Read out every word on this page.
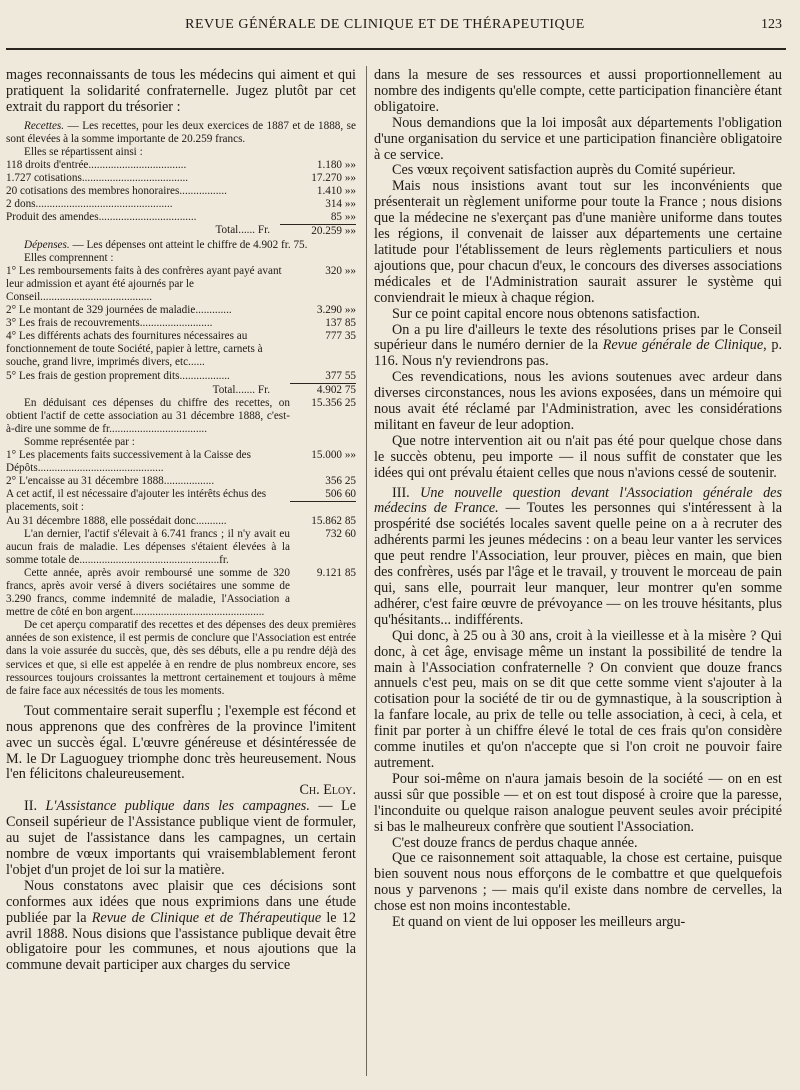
REVUE GÉNÉRALE DE CLINIQUE ET DE THÉRAPEUTIQUE	123

mages reconnaissants de tous les médecins qui aiment et qui pratiquent la solidarité confraternelle. Jugez plutôt par cet extrait du rapport du trésorier :

Recettes. — Les recettes, pour les deux exercices de 1887 et de 1888, se sont élevées à la somme importante de 20.259 francs.

Elles se répartissent ainsi :

118 droits d'entrée...................................	1.180 »»
1.727 cotisations......................................	17.270 »»
20 cotisations des membres honoraires.................	1.410 »»
2 dons.................................................	314 »»
Produit des amendes...................................	85 »»
Total...... Fr.	20.259 »»

Dépenses. — Les dépenses ont atteint le chiffre de 4.902 fr. 75.

Elles comprennent :

1° Les remboursements faits à des confrères ayant payé avant leur admission et ayant été ajournés par le Conseil........................................
320 »»
2° Le montant de 329 journées de maladie.............	3.290 »»
3° Les frais de recouvrements..........................	137 85
4° Les différents achats des fournitures nécessaires au fonctionnement de toute Société, papier à lettre, carnets à souche, grand livre, imprimés divers, etc......
777 35
5° Les frais de gestion proprement dits..................	377 55
Total....... Fr.	4.902 75
En déduisant ces dépenses du chiffre des recettes, on obtient l'actif de cette association au 31 décembre 1888, c'est-à-dire une somme de fr...................................
15.356 25

Somme représentée par :

1° Les placements faits successivement à la Caisse des Dépôts.............................................
15.000 »»
2° L'encaisse au 31 décembre 1888..................	356 25
A cet actif, il est nécessaire d'ajouter les intérêts échus des placements, soit :
506 60
Au 31 décembre 1888, elle possédait donc...........	15.862 85
L'an dernier, l'actif s'élevait à 6.741 francs ; il n'y avait eu aucun frais de maladie. Les dépenses s'étaient élevées à la somme totale de..................................................fr.
732 60
Cette année, après avoir remboursé une somme de 320 francs, après avoir versé à divers sociétaires une somme de 3.290 francs, comme indemnité de maladie, l'Association a mettre de côté en bon argent...............................................
9.121 85

De cet aperçu comparatif des recettes et des dépenses des deux premières années de son existence, il est permis de conclure que l'Association est entrée dans la voie assurée du succès, que, dès ses débuts, elle a pu rendre déjà des services et que, si elle est appelée à en rendre de plus nombreux encore, ses ressources toujours croissantes la mettront certainement et toujours à même de faire face aux nécessités de tous les moments.

Tout commentaire serait superflu ; l'exemple est fécond et nous apprenons que des confrères de la province l'imitent avec un succès égal. L'œuvre généreuse et désintéressée de M. le Dr Laguoguey triomphe donc très heureusement. Nous l'en félicitons chaleureusement.

Ch. Eloy.

II. L'Assistance publique dans les campagnes. — Le Conseil supérieur de l'Assistance publique vient de formuler, au sujet de l'assistance dans les campagnes, un certain nombre de vœux importants qui vraisemblablement feront l'objet d'un projet de loi sur la matière.

Nous constatons avec plaisir que ces décisions sont conformes aux idées que nous exprimions dans une étude publiée par la Revue de Clinique et de Thérapeutique le 12 avril 1888. Nous disions que l'assistance publique devait être obligatoire pour les communes, et nous ajoutions que la commune devait participer aux charges du service

dans la mesure de ses ressources et aussi proportionnellement au nombre des indigents qu'elle compte, cette participation financière étant obligatoire.

Nous demandions que la loi imposât aux départements l'obligation d'une organisation du service et une participation financière obligatoire à ce service.

Ces vœux reçoivent satisfaction auprès du Comité supérieur.

Mais nous insistions avant tout sur les inconvénients que présenterait un règlement uniforme pour toute la France ; nous disions que la médecine ne s'exerçant pas d'une manière uniforme dans toutes les régions, il convenait de laisser aux départements une certaine latitude pour l'établissement de leurs règlements particuliers et nous ajoutions que, pour chacun d'eux, le concours des diverses associations médicales et de l'Administration saurait assurer le système qui conviendrait le mieux à chaque région.

Sur ce point capital encore nous obtenons satisfaction.

On a pu lire d'ailleurs le texte des résolutions prises par le Conseil supérieur dans le numéro dernier de la Revue générale de Clinique, p. 116. Nous n'y reviendrons pas.

Ces revendications, nous les avions soutenues avec ardeur dans diverses circonstances, nous les avions exposées, dans un mémoire qui nous avait été réclamé par l'Administration, avec les considérations militant en faveur de leur adoption.

Que notre intervention ait ou n'ait pas été pour quelque chose dans le succès obtenu, peu importe — il nous suffit de constater que les idées qui ont prévalu étaient celles que nous n'avions cessé de soutenir.

III. Une nouvelle question devant l'Association générale des médecins de France. — Toutes les personnes qui s'intéressent à la prospérité dse sociétés locales savent quelle peine on a à recruter des adhérents parmi les jeunes médecins : on a beau leur vanter les services que peut rendre l'Association, leur prouver, pièces en main, que bien des confrères, usés par l'âge et le travail, y trouvent le morceau de pain qui, sans elle, pourrait leur manquer, leur montrer qu'en somme adhérer, c'est faire œuvre de prévoyance — on les trouve hésitants, plus qu'hésitants... indifférents.

Qui donc, à 25 ou à 30 ans, croit à la vieillesse et à la misère ? Qui donc, à cet âge, envisage même un instant la possibilité de tendre la main à l'Association confraternelle ? On convient que douze francs annuels c'est peu, mais on se dit que cette somme vient s'ajouter à la cotisation pour la société de tir ou de gymnastique, à la souscription à la fanfare locale, au prix de telle ou telle association, à ceci, à cela, et finit par porter à un chiffre élevé le total de ces frais qu'on considère comme inutiles et qu'on n'accepte que si l'on croit ne pouvoir faire autrement.

Pour soi-même on n'aura jamais besoin de la société — on en est aussi sûr que possible — et on est tout disposé à croire que la paresse, l'inconduite ou quelque raison analogue peuvent seules avoir précipité si bas le malheureux confrère que soutient l'Association.

C'est douze francs de perdus chaque année.

Que ce raisonnement soit attaquable, la chose est certaine, puisque bien souvent nous nous efforçons de le combattre et que quelquefois nous y parvenons ; — mais qu'il existe dans nombre de cervelles, la chose est non moins incontestable.

Et quand on vient de lui opposer les meilleurs argu-
